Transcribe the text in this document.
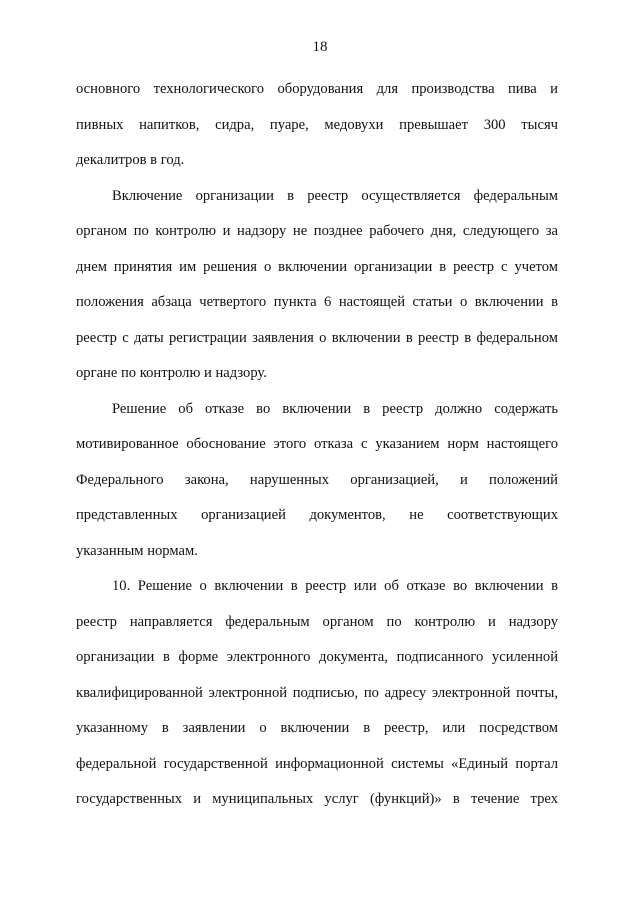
18
основного технологического оборудования для производства пива и
пивных напитков, сидра, пуаре, медовухи превышает 300 тысяч
декалитров в год.
Включение организации в реестр осуществляется федеральным
органом по контролю и надзору не позднее рабочего дня, следующего за
днем принятия им решения о включении организации в реестр с учетом
положения абзаца четвертого пункта 6 настоящей статьи о включении в
реестр с даты регистрации заявления о включении в реестр в федеральном
органе по контролю и надзору.
Решение об отказе во включении в реестр должно содержать
мотивированное обоснование этого отказа с указанием норм настоящего
Федерального закона, нарушенных организацией, и положений
представленных организацией документов, не соответствующих
указанным нормам.
10. Решение о включении в реестр или об отказе во включении в
реестр направляется федеральным органом по контролю и надзору
организации в форме электронного документа, подписанного усиленной
квалифицированной электронной подписью, по адресу электронной почты,
указанному в заявлении о включении в реестр, или посредством
федеральной государственной информационной системы «Единый портал
государственных и муниципальных услуг (функций)» в течение трех
